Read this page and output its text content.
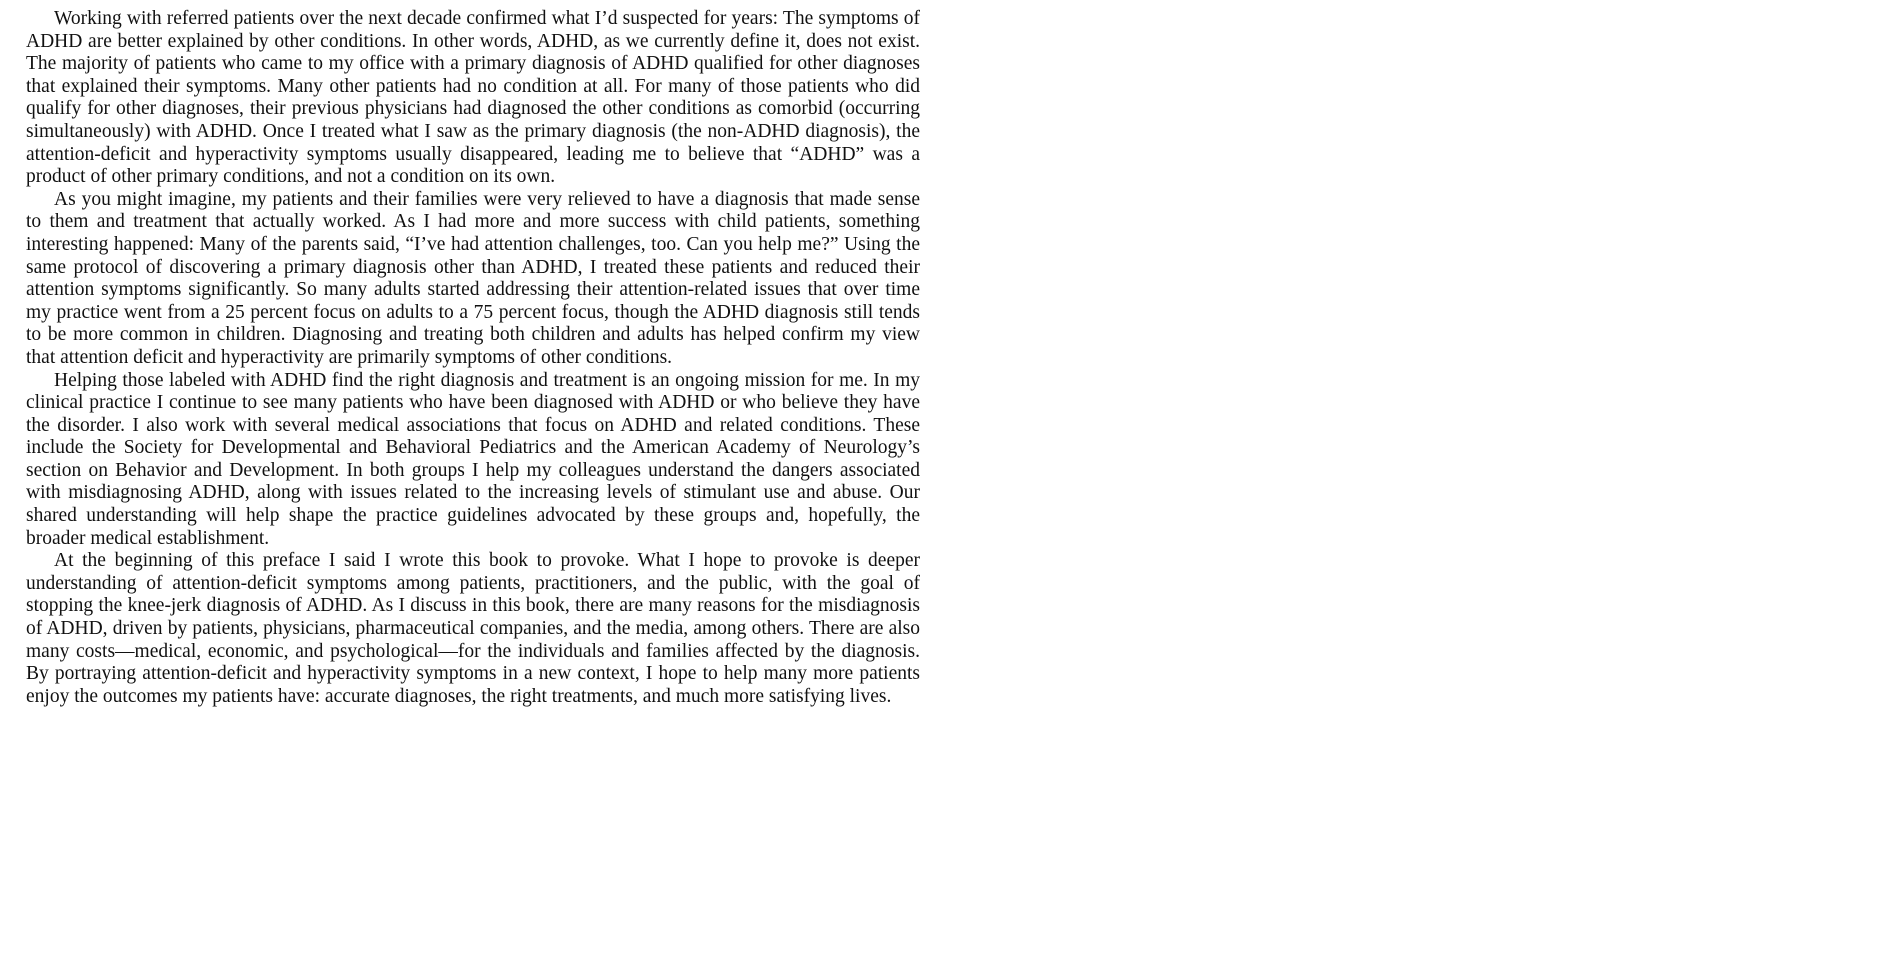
Working with referred patients over the next decade confirmed what I’d suspected for years: The symptoms of ADHD are better explained by other conditions. In other words, ADHD, as we currently define it, does not exist. The majority of patients who came to my office with a primary diagnosis of ADHD qualified for other diagnoses that explained their symptoms. Many other patients had no condition at all. For many of those patients who did qualify for other diagnoses, their previous physicians had diagnosed the other conditions as comorbid (occurring simultaneously) with ADHD. Once I treated what I saw as the primary diagnosis (the non-ADHD diagnosis), the attention-deficit and hyperactivity symptoms usually disappeared, leading me to believe that “ADHD” was a product of other primary conditions, and not a condition on its own.

As you might imagine, my patients and their families were very relieved to have a diagnosis that made sense to them and treatment that actually worked. As I had more and more success with child patients, something interesting happened: Many of the parents said, “I’ve had attention challenges, too. Can you help me?” Using the same protocol of discovering a primary diagnosis other than ADHD, I treated these patients and reduced their attention symptoms significantly. So many adults started addressing their attention-related issues that over time my practice went from a 25 percent focus on adults to a 75 percent focus, though the ADHD diagnosis still tends to be more common in children. Diagnosing and treating both children and adults has helped confirm my view that attention deficit and hyperactivity are primarily symptoms of other conditions.

Helping those labeled with ADHD find the right diagnosis and treatment is an ongoing mission for me. In my clinical practice I continue to see many patients who have been diagnosed with ADHD or who believe they have the disorder. I also work with several medical associations that focus on ADHD and related conditions. These include the Society for Developmental and Behavioral Pediatrics and the American Academy of Neurology’s section on Behavior and Development. In both groups I help my colleagues understand the dangers associated with misdiagnosing ADHD, along with issues related to the increasing levels of stimulant use and abuse. Our shared understanding will help shape the practice guidelines advocated by these groups and, hopefully, the broader medical establishment.

At the beginning of this preface I said I wrote this book to provoke. What I hope to provoke is deeper understanding of attention-deficit symptoms among patients, practitioners, and the public, with the goal of stopping the knee-jerk diagnosis of ADHD. As I discuss in this book, there are many reasons for the misdiagnosis of ADHD, driven by patients, physicians, pharmaceutical companies, and the media, among others. There are also many costs—medical, economic, and psychological—for the individuals and families affected by the diagnosis. By portraying attention-deficit and hyperactivity symptoms in a new context, I hope to help many more patients enjoy the outcomes my patients have: accurate diagnoses, the right treatments, and much more satisfying lives.
